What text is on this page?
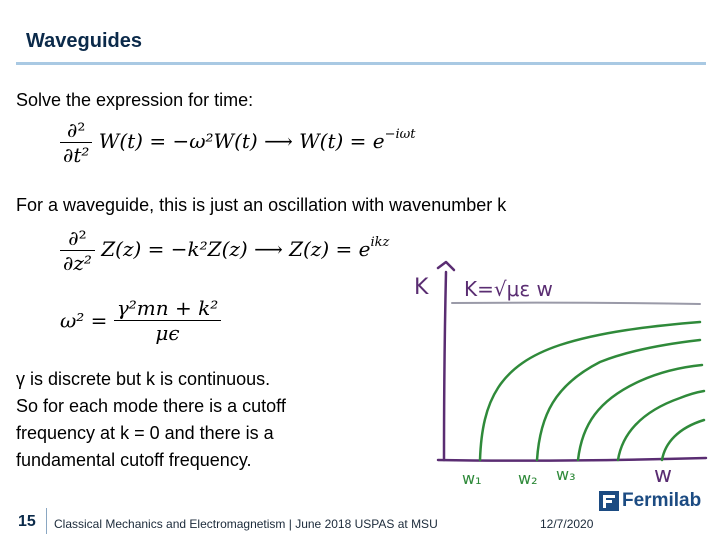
Waveguides
Solve the expression for time:
$\frac{\text{∂²}}{\text{∂t²}} W(t) = -\omega^2W(t)$ ⟶ $W(t) = e^{-i\omega t}$
For a waveguide, this is just an oscillation with wavenumber k
$\frac{\text{∂²}}{\text{∂z²}} Z(z) = -k^2Z(z)$ ⟶ $Z(z) = e^{ikz}$
$\omega^2 = \frac{\text{γ²mn + k²}}{\mu\epsilon}$
γ is discrete but k is continuous.
So for each mode there is a cutoff
frequency at k = 0 and there is a
fundamental cutoff frequency.
K K=√με w
w₁ w₂ w₃	w
15 Classical Mechanics and Electromagnetism | June 2018 USPAS at MSU	12/7/2020
Fermilab
